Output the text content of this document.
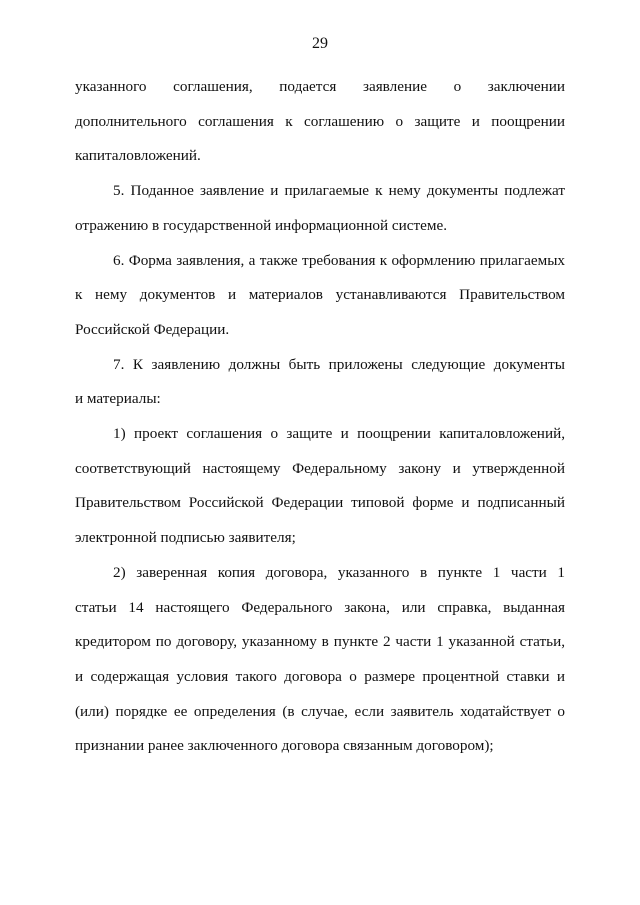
29
указанного соглашения, подается заявление о заключении
дополнительного соглашения к соглашению о защите и поощрении
капиталовложений.
5. Поданное заявление и прилагаемые к нему документы подлежат
отражению в государственной информационной системе.
6. Форма заявления, а также требования к оформлению прилагаемых
к нему документов и материалов устанавливаются Правительством
Российской Федерации.
7. К заявлению должны быть приложены следующие документы
и материалы:
1) проект соглашения о защите и поощрении капиталовложений,
соответствующий настоящему Федеральному закону и утвержденной
Правительством Российской Федерации типовой форме и подписанный
электронной подписью заявителя;
2) заверенная копия договора, указанного в пункте 1 части 1
статьи 14 настоящего Федерального закона, или справка, выданная
кредитором по договору, указанному в пункте 2 части 1 указанной статьи,
и содержащая условия такого договора о размере процентной ставки и
(или) порядке ее определения (в случае, если заявитель ходатайствует о
признании ранее заключенного договора связанным договором);
